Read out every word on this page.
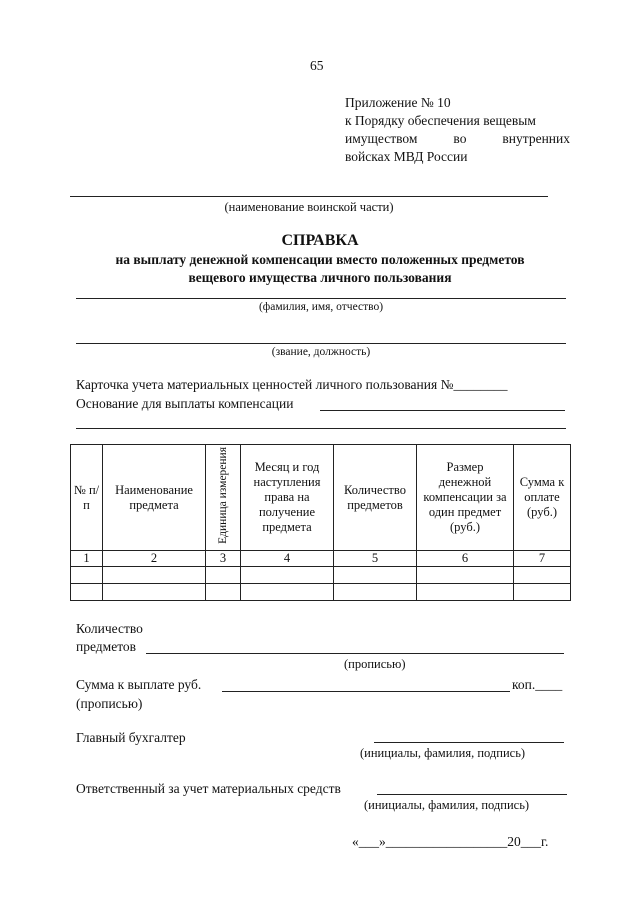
65
Приложение № 10
к Порядку обеспечения вещевым
имуществом во внутренних
войсках МВД России
(наименование воинской части)
СПРАВКА
на выплату денежной компенсации вместо положенных предметов
вещевого имущества личного пользования
(фамилия, имя, отчество)
(звание, должность)
Карточка учета материальных ценностей личного пользования №________
Основание для выплаты компенсации
№ п/п	Наименование предмета	Единица измерения	Месяц и год наступления права на получение предмета	Количество предметов	Размер денежной компенсации за один предмет (руб.)	Сумма к оплате (руб.)
1	2	3	4	5	6	7

Количество
предметов
(прописью)
Сумма к выплате руб.	коп.____
(прописью)
Главный бухгалтер
(инициалы, фамилия, подпись)
Ответственный за учет материальных средств
(инициалы, фамилия, подпись)
«___»__________________20___г.
